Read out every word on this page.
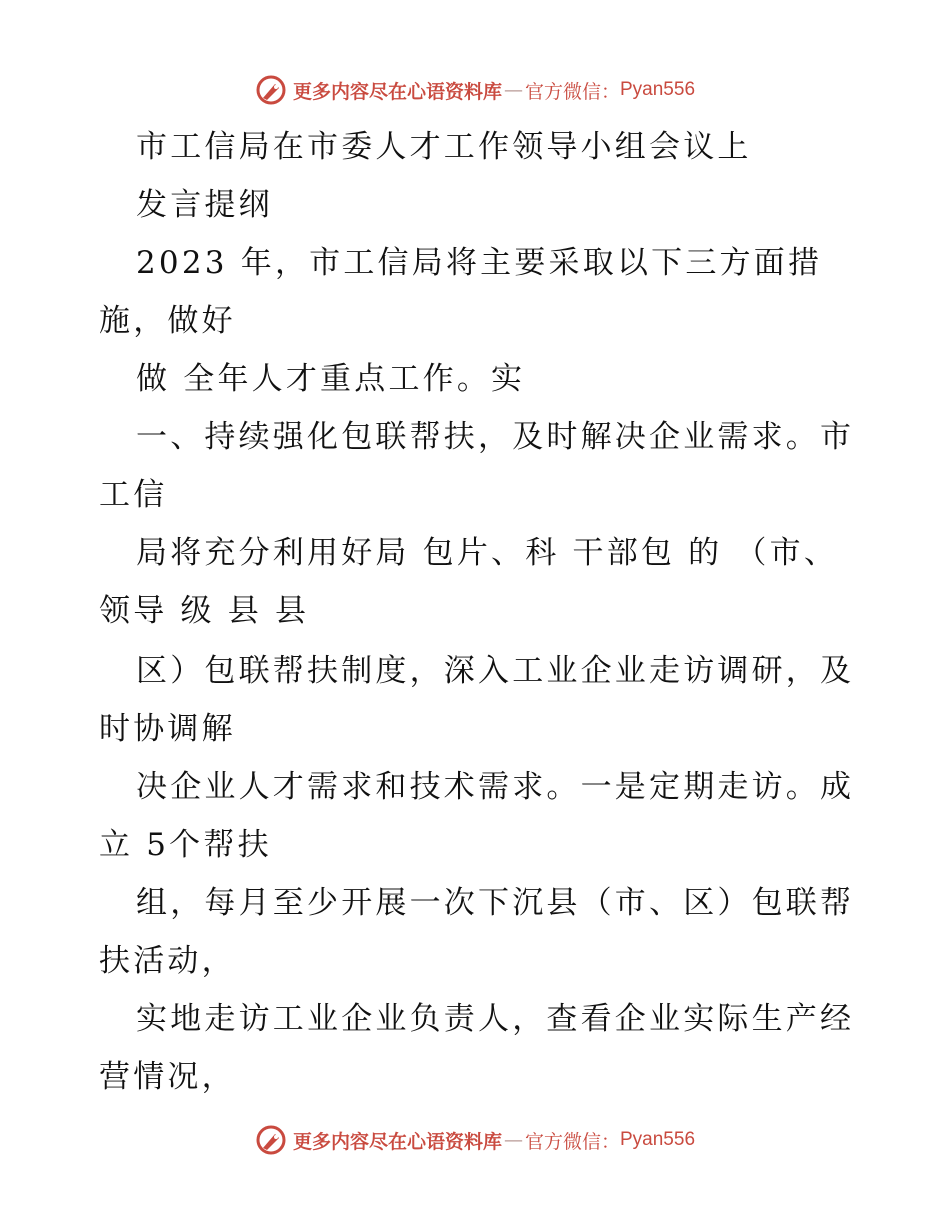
更多内容尽在心语资料库 — 官方微信： Pyan556
市工信局在市委人才工作领导小组会议上
发言提纲
2023 年，市工信局将主要采取以下三方面措
施，做好
做 全年人才重点工作。实
一、持续强化包联帮扶，及时解决企业需求。市
工信
局将充分利用好局 包片、科 干部包 的 （市、
领导 级 县 县
区）包联帮扶制度，深入工业企业走访调研，及
时协调解
决企业人才需求和技术需求。一是定期走访。成
立 5个帮扶
组，每月至少开展一次下沉县（市、区）包联帮
扶活动，
实地走访工业企业负责人，查看企业实际生产经
营情况，
更多内容尽在心语资料库 — 官方微信： Pyan556
